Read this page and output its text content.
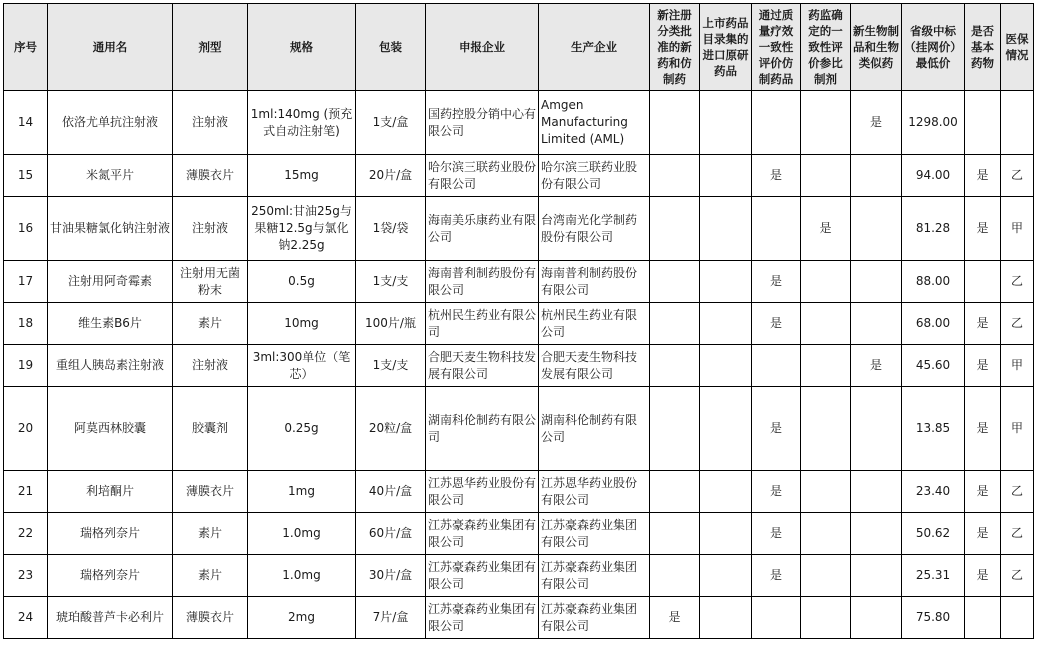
序号	通用名	剂型	规格	包装	申报企业	生产企业	新注册分类批准的新药和仿制药	上市药品目录集的进口原研药品	通过质量疗效一致性评价仿制药品	药监确定的一致性评价参比制剂	新生物制品和生物类似药	省级中标（挂网价）最低价	是否基本药物	医保情况

14	依洛尤单抗注射液	注射液	1ml:140mg (预充式自动注射笔)	1支/盒	国药控股分销中心有限公司	Amgen Manufacturing Limited (AML)					是	1298.00		
15	米氮平片	薄膜衣片	15mg	20片/盒	哈尔滨三联药业股份有限公司	哈尔滨三联药业股份有限公司			是			94.00	是	乙
16	甘油果糖氯化钠注射液	注射液	250ml:甘油25g与果糖12.5g与氯化钠2.25g	1袋/袋	海南美乐康药业有限公司	台湾南光化学制药股份有限公司				是		81.28	是	甲
17	注射用阿奇霉素	注射用无菌粉末	0.5g	1支/支	海南普利制药股份有限公司	海南普利制药股份有限公司			是			88.00		乙
18	维生素B6片	素片	10mg	100片/瓶	杭州民生药业有限公司	杭州民生药业有限公司			是			68.00	是	乙
19	重组人胰岛素注射液	注射液	3ml:300单位（笔芯）	1支/支	合肥天麦生物科技发展有限公司	合肥天麦生物科技发展有限公司					是	45.60	是	甲
20	阿莫西林胶囊	胶囊剂	0.25g	20粒/盒	湖南科伦制药有限公司	湖南科伦制药有限公司			是			13.85	是	甲
21	利培酮片	薄膜衣片	1mg	40片/盒	江苏恩华药业股份有限公司	江苏恩华药业股份有限公司			是			23.40	是	乙
22	瑞格列奈片	素片	1.0mg	60片/盒	江苏豪森药业集团有限公司	江苏豪森药业集团有限公司			是			50.62	是	乙
23	瑞格列奈片	素片	1.0mg	30片/盒	江苏豪森药业集团有限公司	江苏豪森药业集团有限公司			是			25.31	是	乙
24	琥珀酸普芦卡必利片	薄膜衣片	2mg	7片/盒	江苏豪森药业集团有限公司	江苏豪森药业集团有限公司	是					75.80		
